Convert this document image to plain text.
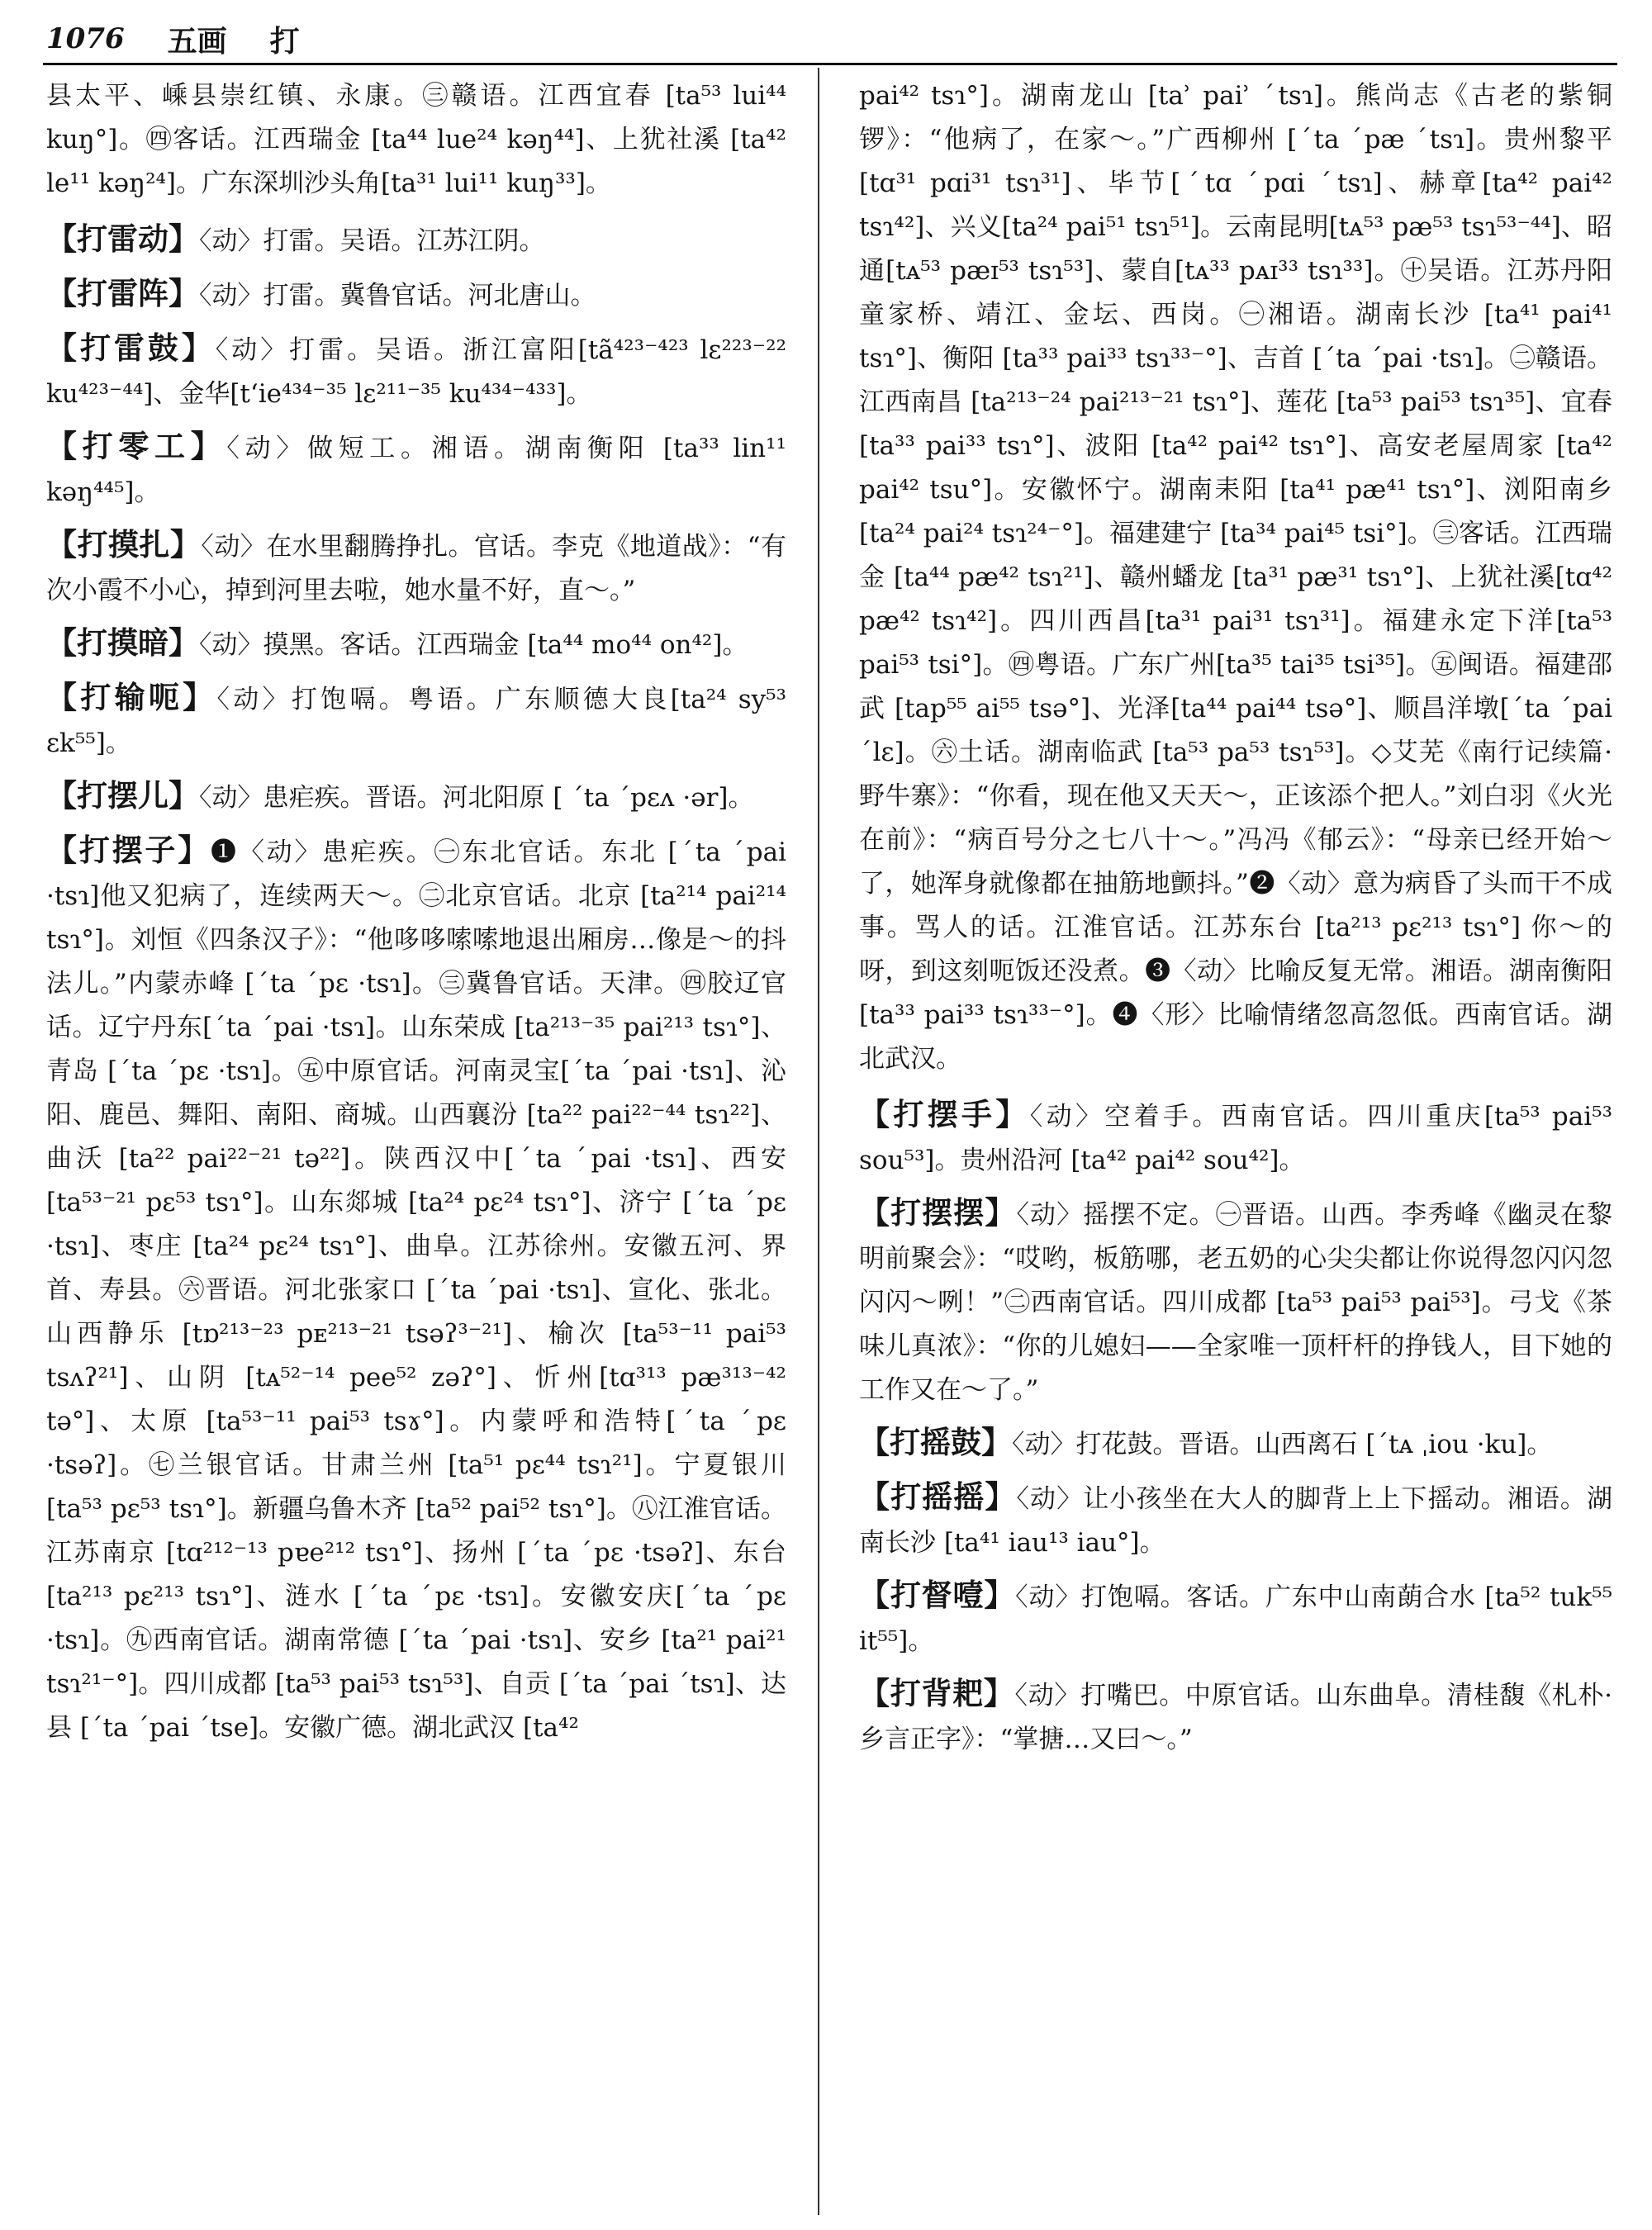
1076 五画 打

县太平、嵊县崇红镇、永康。㊂赣语。江西宜春 [ta⁵³ lui⁴⁴ kuŋ°]。㊃客话。江西瑞金 [ta⁴⁴ lue²⁴ kəŋ⁴⁴]、上犹社溪 [ta⁴² le¹¹ kəŋ²⁴]。广东深圳沙头角[ta³¹ lui¹¹ kuŋ³³]。

【打雷动】〈动〉打雷。吴语。江苏江阴。

【打雷阵】〈动〉打雷。冀鲁官话。河北唐山。

【打雷鼓】〈动〉打雷。吴语。浙江富阳[tã⁴²³⁻⁴²³ lɛ²²³⁻²² ku⁴²³⁻⁴⁴]、金华[tʻie⁴³⁴⁻³⁵ lɛ²¹¹⁻³⁵ ku⁴³⁴⁻⁴³³]。

【打零工】〈动〉做短工。湘语。湖南衡阳 [ta³³ lin¹¹ kəŋ⁴⁴⁵]。

【打摸扎】〈动〉在水里翻腾挣扎。官话。李克《地道战》：“有次小霞不小心，掉到河里去啦，她水量不好，直～。”

【打摸暗】〈动〉摸黑。客话。江西瑞金 [ta⁴⁴ mo⁴⁴ on⁴²]。

【打输呃】〈动〉打饱嗝。粤语。广东顺德大良[ta²⁴ sy⁵³ ɛk⁵⁵]。

【打摆儿】〈动〉患疟疾。晋语。河北阳原 [ ˊta ˊpɛʌ ·ər]。

【打摆子】❶〈动〉患疟疾。㊀东北官话。东北 [ˊta ˊpai ·tsɿ]他又犯病了，连续两天～。㊁北京官话。北京 [ta²¹⁴ pai²¹⁴ tsɿ°]。刘恒《四条汉子》：“他哆哆嗦嗦地退出厢房…像是～的抖法儿。”内蒙赤峰 [ˊta ˊpɛ ·tsɿ]。㊂冀鲁官话。天津。㊃胶辽官话。辽宁丹东[ˊta ˊpai ·tsɿ]。山东荣成 [ta²¹³⁻³⁵ pai²¹³ tsɿ°]、青岛 [ˊta ˊpɛ ·tsɿ]。㊄中原官话。河南灵宝[ˊta ˊpai ·tsɿ]、沁阳、鹿邑、舞阳、南阳、商城。山西襄汾 [ta²² pai²²⁻⁴⁴ tsɿ²²]、曲沃 [ta²² pai²²⁻²¹ tə²²]。陕西汉中[ˊta ˊpai ·tsɿ]、西安[ta⁵³⁻²¹ pɛ⁵³ tsɿ°]。山东郯城 [ta²⁴ pɛ²⁴ tsɿ°]、济宁 [ˊta ˊpɛ ·tsɿ]、枣庄 [ta²⁴ pɛ²⁴ tsɿ°]、曲阜。江苏徐州。安徽五河、界首、寿县。㊅晋语。河北张家口 [ˊta ˊpai ·tsɿ]、宣化、张北。山西静乐 [tɒ²¹³⁻²³ pᴇ²¹³⁻²¹ tsəʔ³⁻²¹]、榆次 [ta⁵³⁻¹¹ pai⁵³ tsʌʔ²¹]、山阴 [tᴀ⁵²⁻¹⁴ pee⁵² zəʔ°]、忻州[tɑ³¹³ pæ³¹³⁻⁴² tə°]、太原 [ta⁵³⁻¹¹ pai⁵³ tsɤ°]。内蒙呼和浩特[ˊta ˊpɛ ·tsəʔ]。㊆兰银官话。甘肃兰州 [ta⁵¹ pɛ⁴⁴ tsɿ²¹]。宁夏银川 [ta⁵³ pɛ⁵³ tsɿ°]。新疆乌鲁木齐 [ta⁵² pai⁵² tsɿ°]。㊇江淮官话。江苏南京 [tɑ²¹²⁻¹³ pɐe²¹² tsɿ°]、扬州 [ˊta ˊpɛ ·tsəʔ]、东台 [ta²¹³ pɛ²¹³ tsɿ°]、涟水 [ˊta ˊpɛ ·tsɿ]。安徽安庆[ˊta ˊpɛ ·tsɿ]。㊈西南官话。湖南常德 [ˊta ˊpai ·tsɿ]、安乡 [ta²¹ pai²¹ tsɿ²¹⁻°]。四川成都 [ta⁵³ pai⁵³ tsɿ⁵³]、自贡 [ˊta ˊpai ˊtsɿ]、达县 [ˊta ˊpai ˊtse]。安徽广德。湖北武汉 [ta⁴²

pai⁴² tsɿ°]。湖南龙山 [taʾ paiʾ ˊtsɿ]。熊尚志《古老的紫铜锣》：“他病了，在家～。”广西柳州 [ˊta ˊpæ ˊtsɿ]。贵州黎平[tɑ³¹ pɑi³¹ tsɿ³¹]、毕节[ˊtɑ ˊpɑi ˊtsɿ]、赫章[ta⁴² pai⁴² tsɿ⁴²]、兴义[ta²⁴ pai⁵¹ tsɿ⁵¹]。云南昆明[tᴀ⁵³ pæ⁵³ tsɿ⁵³⁻⁴⁴]、昭通[tᴀ⁵³ pæɪ⁵³ tsɿ⁵³]、蒙自[tᴀ³³ pᴀɪ³³ tsɿ³³]。㊉吴语。江苏丹阳童家桥、靖江、金坛、西岗。㊀湘语。湖南长沙 [ta⁴¹ pai⁴¹ tsɿ°]、衡阳 [ta³³ pai³³ tsɿ³³⁻°]、吉首 [ˊta ˊpai ·tsɿ]。㊁赣语。江西南昌 [ta²¹³⁻²⁴ pai²¹³⁻²¹ tsɿ°]、莲花 [ta⁵³ pai⁵³ tsɿ³⁵]、宜春 [ta³³ pai³³ tsɿ°]、波阳 [ta⁴² pai⁴² tsɿ°]、高安老屋周家 [ta⁴² pai⁴² tsu°]。安徽怀宁。湖南耒阳 [ta⁴¹ pæ⁴¹ tsɿ°]、浏阳南乡 [ta²⁴ pai²⁴ tsɿ²⁴⁻°]。福建建宁 [ta³⁴ pai⁴⁵ tsi°]。㊂客话。江西瑞金 [ta⁴⁴ pæ⁴² tsɿ²¹]、赣州蟠龙 [ta³¹ pæ³¹ tsɿ°]、上犹社溪[tɑ⁴² pæ⁴² tsɿ⁴²]。四川西昌[ta³¹ pai³¹ tsɿ³¹]。福建永定下洋[ta⁵³ pai⁵³ tsi°]。㊃粤语。广东广州[ta³⁵ tai³⁵ tsi³⁵]。㊄闽语。福建邵武 [tap⁵⁵ ai⁵⁵ tsə°]、光泽[ta⁴⁴ pai⁴⁴ tsə°]、顺昌洋墩[ˊta ˊpai ˊlɛ]。㊅土话。湖南临武 [ta⁵³ pa⁵³ tsɿ⁵³]。◇艾芜《南行记续篇·野牛寨》：“你看，现在他又天天～，正该添个把人。”刘白羽《火光在前》：“病百号分之七八十～。”冯冯《郁云》：“母亲已经开始～了，她浑身就像都在抽筋地颤抖。”❷〈动〉意为病昏了头而干不成事。骂人的话。江淮官话。江苏东台 [ta²¹³ pɛ²¹³ tsɿ°] 你～的呀，到这刻呃饭还没煮。❸〈动〉比喻反复无常。湘语。湖南衡阳 [ta³³ pai³³ tsɿ³³⁻°]。❹〈形〉比喻情绪忽高忽低。西南官话。湖北武汉。

【打摆手】〈动〉空着手。西南官话。四川重庆[ta⁵³ pai⁵³ sou⁵³]。贵州沿河 [ta⁴² pai⁴² sou⁴²]。

【打摆摆】〈动〉摇摆不定。㊀晋语。山西。李秀峰《幽灵在黎明前聚会》：“哎哟，板筋哪，老五奶的心尖尖都让你说得忽闪闪忽闪闪～咧！”㊁西南官话。四川成都 [ta⁵³ pai⁵³ pai⁵³]。弓戈《茶味儿真浓》：“你的儿媳妇——全家唯一顶杆杆的挣钱人，目下她的工作又在～了。”

【打摇鼓】〈动〉打花鼓。晋语。山西离石 [ˊtᴀ ˌiou ·ku]。

【打摇摇】〈动〉让小孩坐在大人的脚背上上下摇动。湘语。湖南长沙 [ta⁴¹ iau¹³ iau°]。

【打督噎】〈动〉打饱嗝。客话。广东中山南蓢合水 [ta⁵² tuk⁵⁵ it⁵⁵]。

【打背耙】〈动〉打嘴巴。中原官话。山东曲阜。清桂馥《札朴·乡言正字》：“掌搪…又曰～。”
